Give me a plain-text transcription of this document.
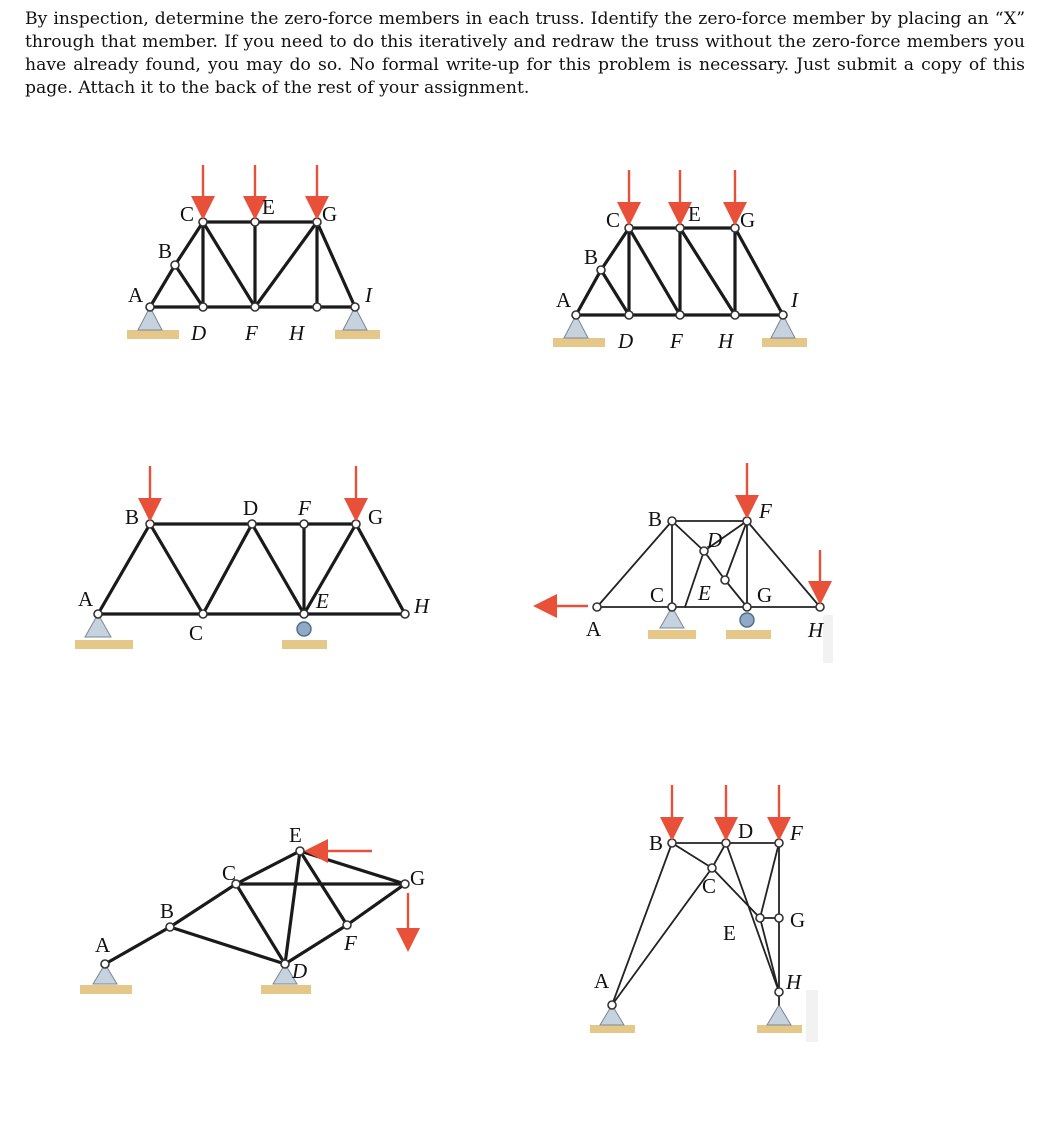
By inspection, determine the zero-force members in each truss. Identify the zero-force member by placing an “X” through that member. If you need to do this iteratively and redraw the truss without the zero-force members you have already found, you may do so. No formal write-up for this problem is necessary. Just submit a copy of this page. Attach it to the back of the rest of your assignment.
A
B
C
D
E
F
G
H
I	A
B
C
D
E
F
G
H
I
A
B
C
D
E
F	G
H
A
B
C
D
E
F
G
H
A
B
C
D
E
F
G
A
B
C
D
E
F
G
H
